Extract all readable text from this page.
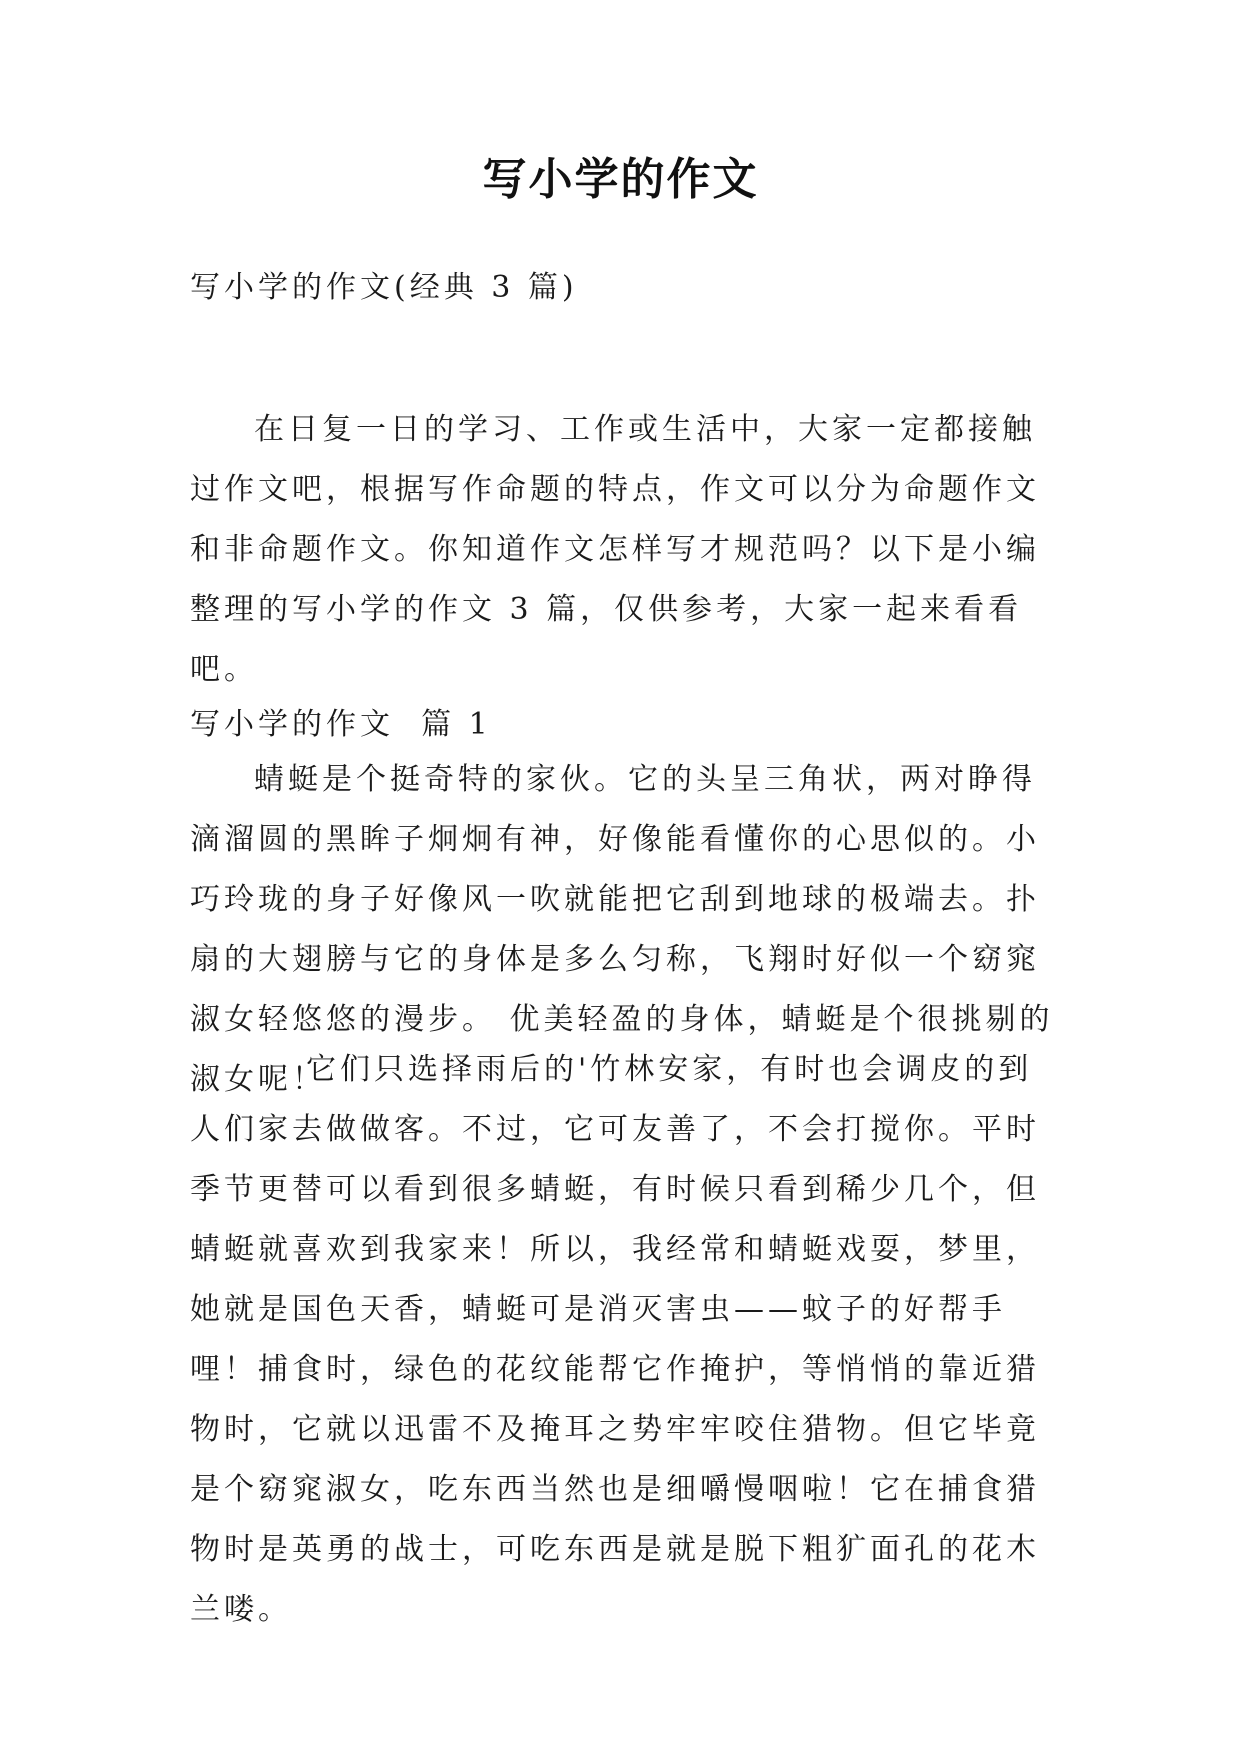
写小学的作文

写小学的作文(经典 3 篇)

在日复一日的学习、工作或生活中，大家一定都接触过作文吧，根据写作命题的特点，作文可以分为命题作文和非命题作文。你知道作文怎样写才规范吗？以下是小编整理的写小学的作文 3 篇，仅供参考，大家一起来看看吧。

写小学的作文  篇 1

蜻蜓是个挺奇特的家伙。它的头呈三角状，两对睁得滴溜圆的黑眸子炯炯有神，好像能看懂你的心思似的。小巧玲珑的身子好像风一吹就能把它刮到地球的极端去。扑扇的大翅膀与它的身体是多么匀称，飞翔时好似一个窈窕淑女轻悠悠的漫步。 优美轻盈的身体，蜻蜓是个很挑剔的淑女呢！

它们只选择雨后的'竹林安家，有时也会调皮的到人们家去做做客。不过，它可友善了，不会打搅你。平时季节更替可以看到很多蜻蜓，有时候只看到稀少几个，但蜻蜓就喜欢到我家来！所以，我经常和蜻蜓戏耍，梦里，她就是国色天香，蜻蜓可是消灭害虫——蚊子的好帮手哩！捕食时，绿色的花纹能帮它作掩护，等悄悄的靠近猎物时，它就以迅雷不及掩耳之势牢牢咬住猎物。但它毕竟是个窈窕淑女，吃东西当然也是细嚼慢咽啦！它在捕食猎物时是英勇的战士，可吃东西是就是脱下粗犷面孔的花木兰喽。
